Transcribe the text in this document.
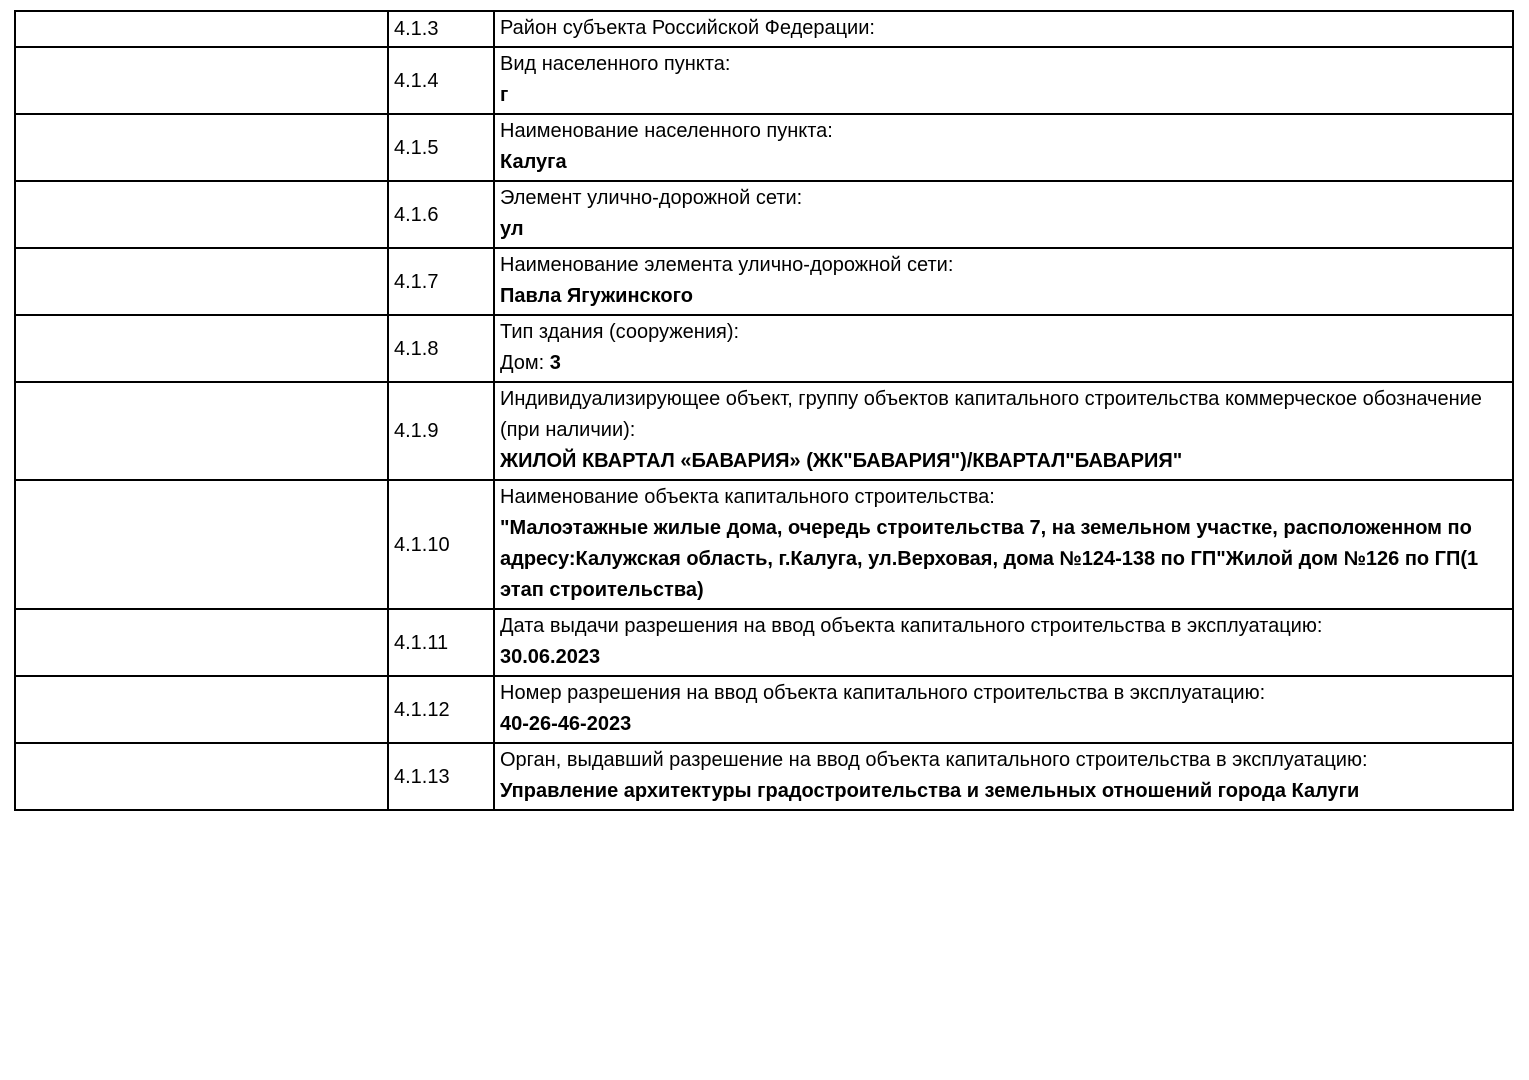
	4.1.3	Район субъекта Российской Федерации:

	4.1.4	Вид населенного пункта:
г

	4.1.5	Наименование населенного пункта:
Калуга

	4.1.6	Элемент улично-дорожной сети:
ул

	4.1.7	Наименование элемента улично-дорожной сети:
Павла Ягужинского

	4.1.8	Тип здания (сооружения):
Дом: 3

	4.1.9	Индивидуализирующее объект, группу объектов капитального строительства коммерческое обозначение (при наличии):
ЖИЛОЙ КВАРТАЛ «БАВАРИЯ» (ЖК"БАВАРИЯ")/КВАРТАЛ"БАВАРИЯ"

	4.1.10	Наименование объекта капитального строительства:
"Малоэтажные жилые дома, очередь строительства 7, на земельном участке, расположенном по адресу:Калужская область, г.Калуга, ул.Верховая, дома №124-138 по ГП"Жилой дом №126 по ГП(1 этап строительства)

	4.1.11	Дата выдачи разрешения на ввод объекта капитального строительства в эксплуатацию:
30.06.2023

	4.1.12	Номер разрешения на ввод объекта капитального строительства в эксплуатацию:
40-26-46-2023

	4.1.13	Орган, выдавший разрешение на ввод объекта капитального строительства в эксплуатацию:
Управление архитектуры градостроительства и земельных отношений города Калуги
